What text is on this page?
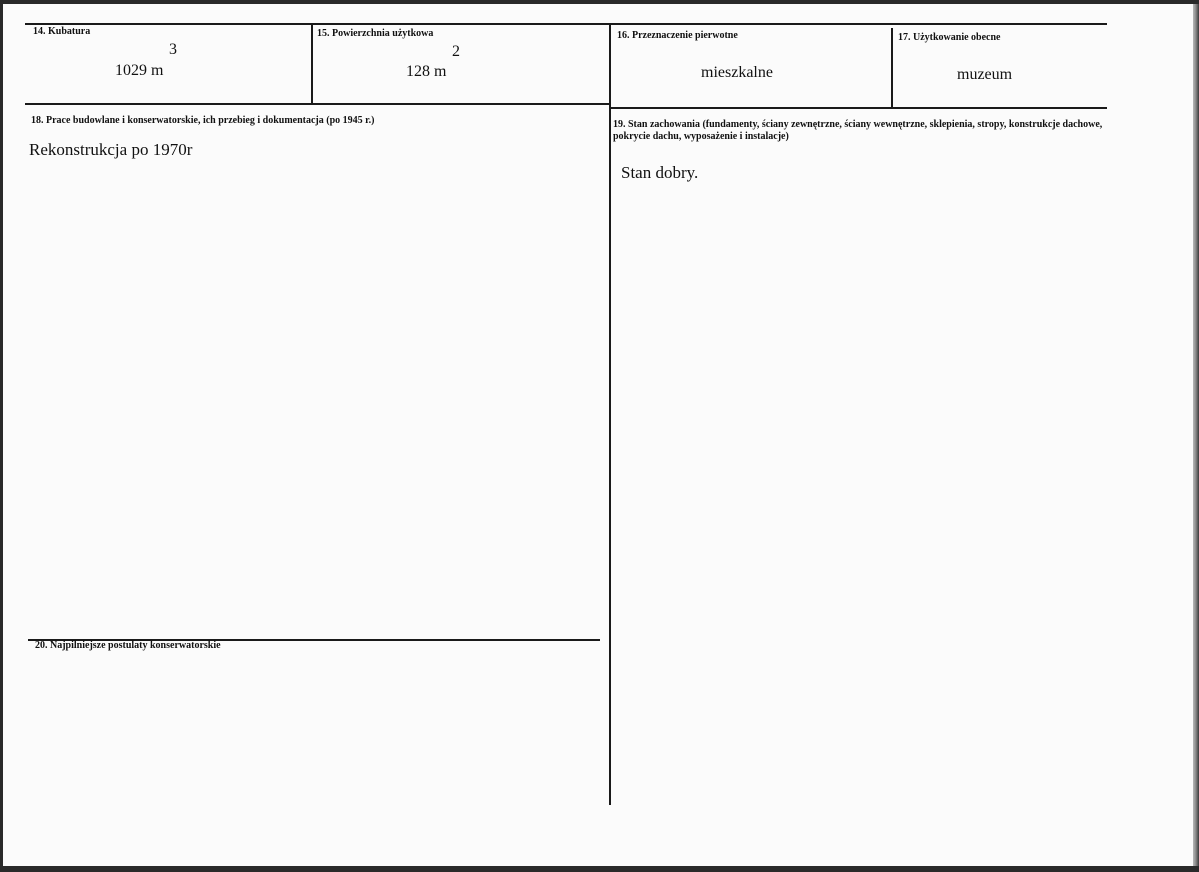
14. Kubatura
3
1029 m
15. Powierzchnia użytkowa
2
128 m
16. Przeznaczenie pierwotne
mieszkalne
17. Użytkowanie obecne
muzeum
18. Prace budowlane i konserwatorskie, ich przebieg i dokumentacja (po 1945 r.)
Rekonstrukcja po 1970r
19. Stan zachowania (fundamenty, ściany zewnętrzne, ściany wewnętrzne, sklepienia, stropy, konstrukcje dachowe, pokrycie dachu, wyposażenie i instalacje)
Stan dobry.
20. Najpilniejsze postulaty konserwatorskie
